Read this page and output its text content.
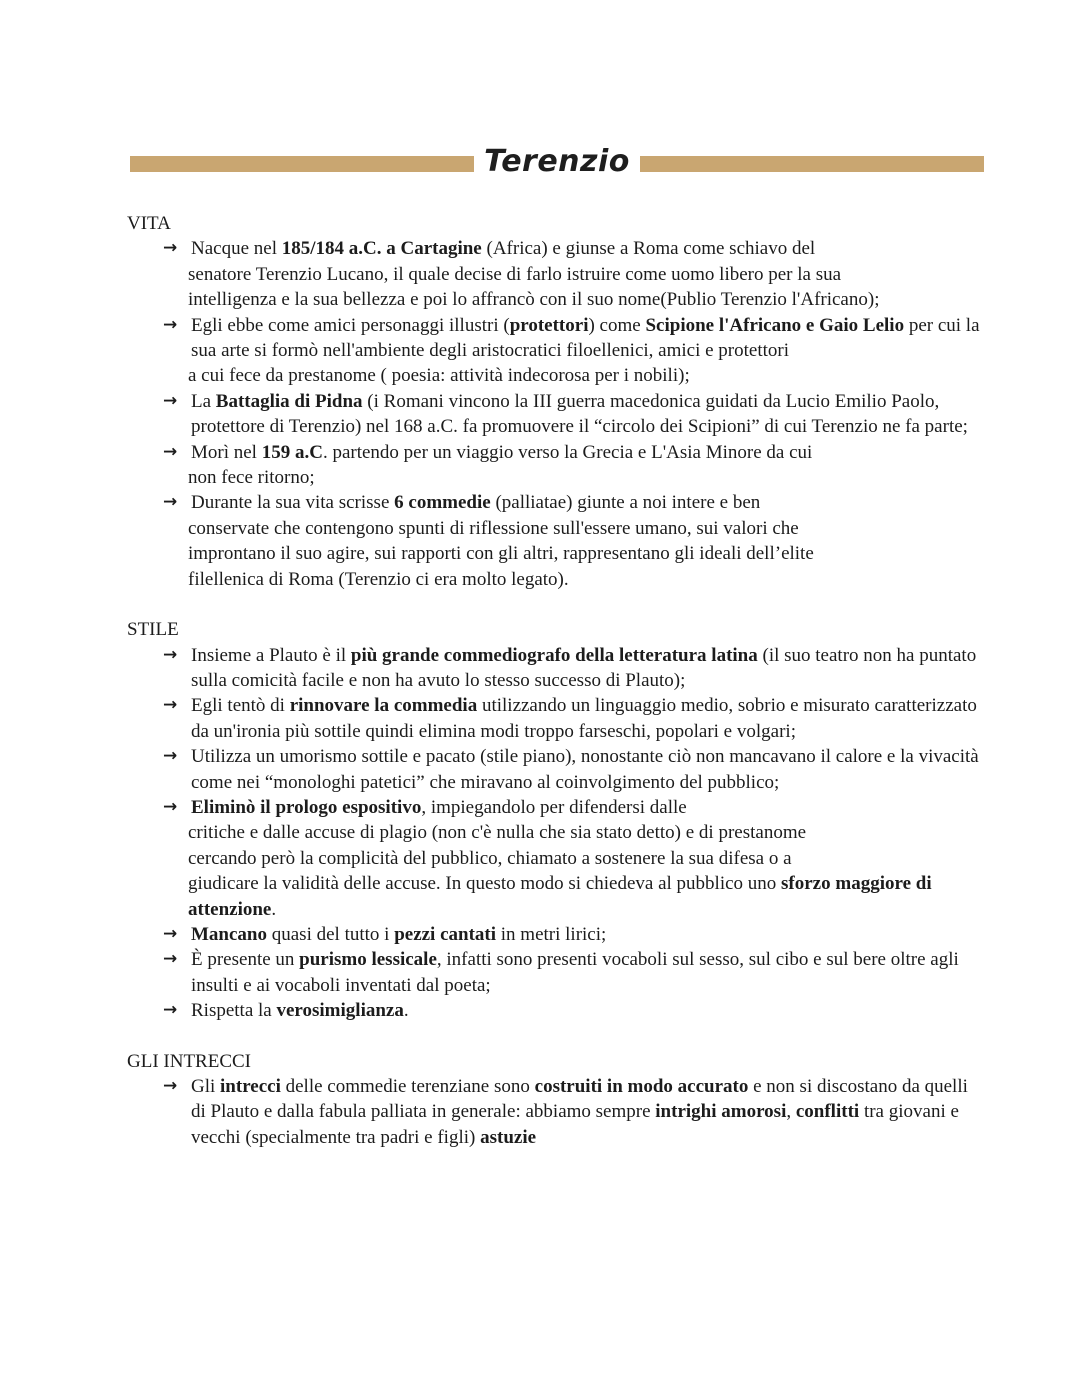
Terenzio
VITA
→ Nacque nel 185/184 a.C. a Cartagine (Africa) e giunse a Roma come schiavo del
senatore Terenzio Lucano, il quale decise di farlo istruire come uomo libero per la sua
intelligenza e la sua bellezza e poi lo affrancò con il suo nome(Publio Terenzio l'Africano);
→ Egli ebbe come amici personaggi illustri (protettori) come Scipione l'Africano e Gaio Lelio per cui la sua arte si formò nell'ambiente degli aristocratici filoellenici, amici e protettori
a cui fece da prestanome ( poesia: attività indecorosa per i nobili);
→ La Battaglia di Pidna (i Romani vincono la III guerra macedonica guidati da Lucio Emilio Paolo, protettore di Terenzio) nel 168 a.C. fa promuovere il “circolo dei Scipioni” di cui Terenzio ne fa parte;
→ Morì nel 159 a.C. partendo per un viaggio verso la Grecia e L'Asia Minore da cui
non fece ritorno;
→ Durante la sua vita scrisse 6 commedie (palliatae) giunte a noi intere e ben
conservate che contengono spunti di riflessione sull'essere umano, sui valori che
improntano il suo agire, sui rapporti con gli altri, rappresentano gli ideali dell’elite
filellenica di Roma (Terenzio ci era molto legato).
STILE
→ Insieme a Plauto è il più grande commediografo della letteratura latina (il suo teatro non ha puntato sulla comicità facile e non ha avuto lo stesso successo di Plauto);
→ Egli tentò di rinnovare la commedia utilizzando un linguaggio medio, sobrio e misurato caratterizzato da un'ironia più sottile quindi elimina modi troppo farseschi, popolari e volgari;
→ Utilizza un umorismo sottile e pacato (stile piano), nonostante ciò non mancavano il calore e la vivacità come nei “monologhi patetici” che miravano al coinvolgimento del pubblico;
→ Eliminò il prologo espositivo, impiegandolo per difendersi dalle
critiche e dalle accuse di plagio (non c'è nulla che sia stato detto) e di prestanome
cercando però la complicità del pubblico, chiamato a sostenere la sua difesa o a
giudicare la validità delle accuse. In questo modo si chiedeva al pubblico uno sforzo maggiore di attenzione.
→ Mancano quasi del tutto i pezzi cantati in metri lirici;
→ È presente un purismo lessicale, infatti sono presenti vocaboli sul sesso, sul cibo e sul bere oltre agli insulti e ai vocaboli inventati dal poeta;
→ Rispetta la verosimiglianza.
GLI INTRECCI
→ Gli intrecci delle commedie terenziane sono costruiti in modo accurato e non si discostano da quelli di Plauto e dalla fabula palliata in generale: abbiamo sempre intrighi amorosi, conflitti tra giovani e vecchi (specialmente tra padri e figli) astuzie
